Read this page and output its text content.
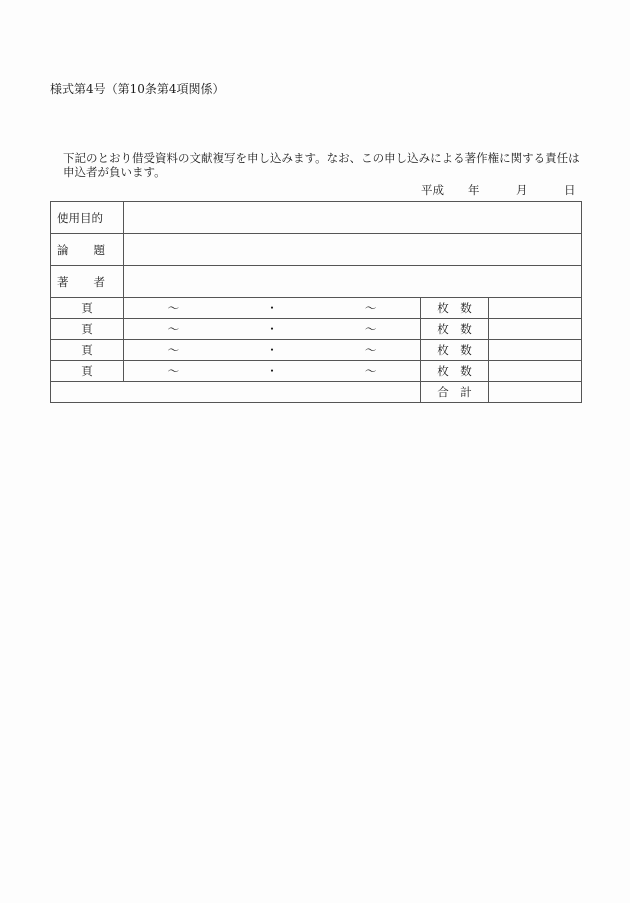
様式第4号（第10条第4項関係）
下記のとおり借受資料の文献複写を申し込みます。なお、この申し込みによる著作権に関する責任は申込者が負います。
平成 年	月	日
使用目的			

論 題			

著 者			

頁	〜 ・ 〜	枚　数	
頁	〜 ・ 〜	枚　数	
頁	〜 ・ 〜	枚　数	
頁	〜 ・ 〜	枚　数	
		合　計	
